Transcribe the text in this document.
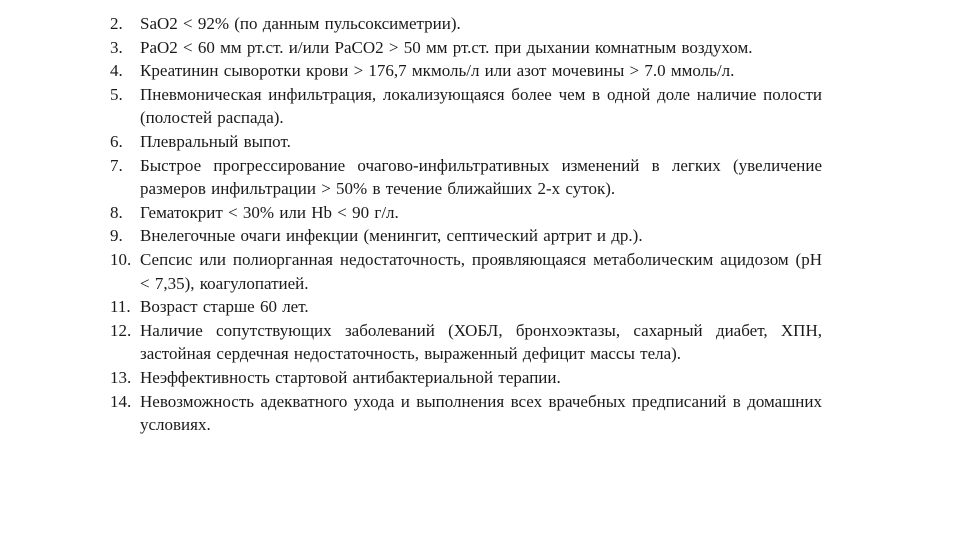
2.	SaO2 < 92% (по данным пульсоксиметрии).
3.	PaO2 < 60 мм рт.ст. и/или PaCO2 > 50 мм рт.ст. при дыхании комнатным воздухом.
4.	Креатинин сыворотки крови > 176,7 мкмоль/л или азот мочевины > 7.0 ммоль/л.
5.	Пневмоническая инфильтрация, локализующаяся более чем в одной доле наличие полости (полостей распада).
6.	Плевральный выпот.
7.	Быстрое прогрессирование очагово-инфильтративных изменений в легких (увеличение размеров инфильтрации > 50% в течение ближайших 2-х суток).
8.	Гематокрит < 30% или Hb < 90 г/л.
9.	Внелегочные очаги инфекции (менингит, септический артрит и др.).
10. Сепсис или полиорганная недостаточность, проявляющаяся метаболическим ацидозом (pH < 7,35), коагулопатией.
11. Возраст старше 60 лет.
12. Наличие сопутствующих заболеваний (ХОБЛ, бронхоэктазы, сахарный диабет, ХПН, застойная сердечная недостаточность, выраженный дефицит массы тела).
13. Неэффективность стартовой антибактериальной терапии.
14. Невозможность адекватного ухода и выполнения всех врачебных предписаний в домашних условиях.
